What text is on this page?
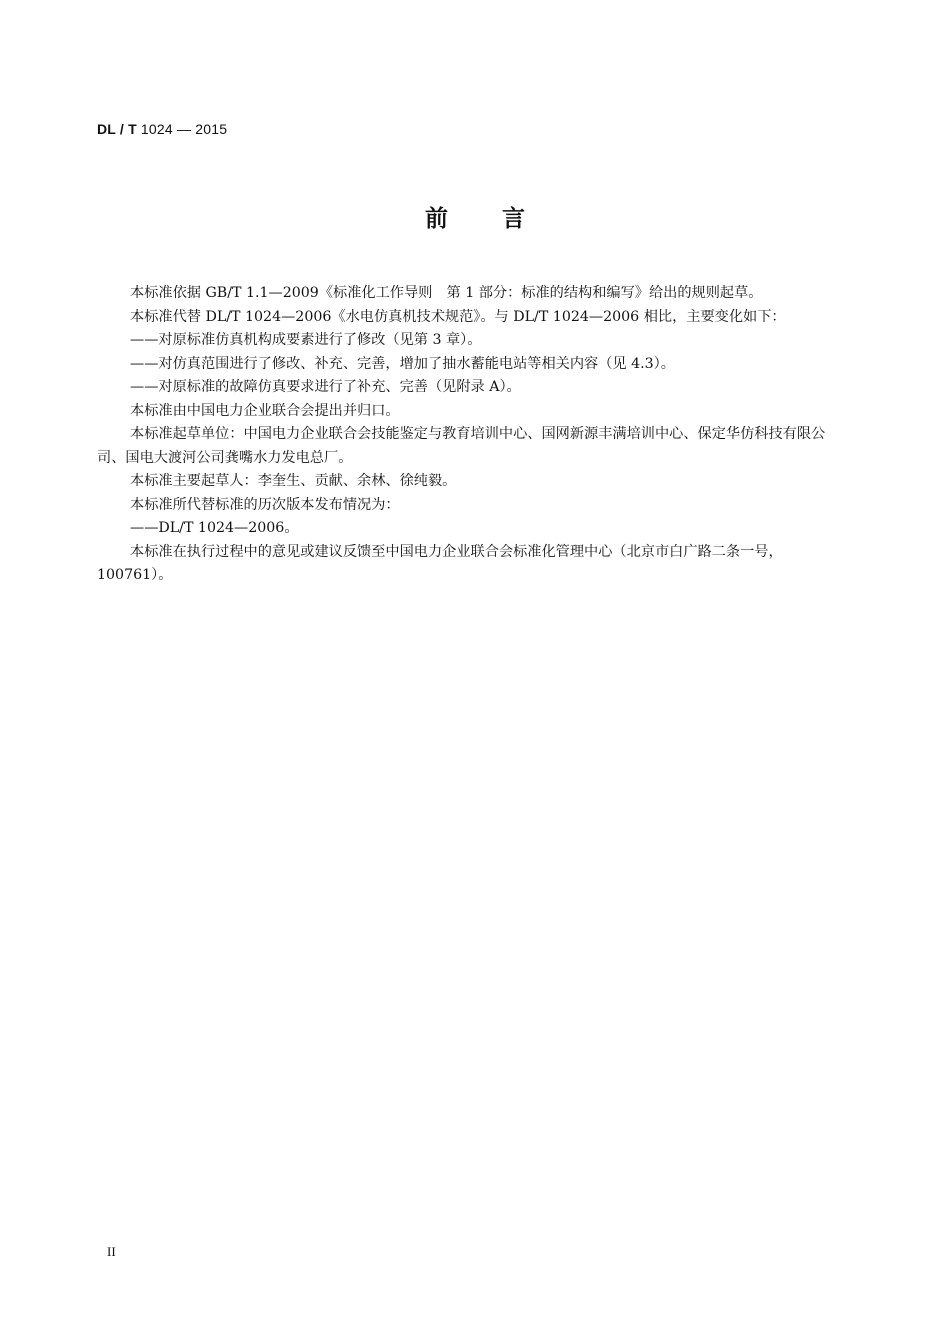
DL / T 1024 — 2015
前言

本标准依据 GB/T 1.1—2009《标准化工作导则　第 1 部分：标准的结构和编写》给出的规则起草。

本标准代替 DL/T 1024—2006《水电仿真机技术规范》。与 DL/T 1024—2006 相比，主要变化如下：

——对原标准仿真机构成要素进行了修改（见第 3 章）。

——对仿真范围进行了修改、补充、完善，增加了抽水蓄能电站等相关内容（见 4.3）。

——对原标准的故障仿真要求进行了补充、完善（见附录 A）。

本标准由中国电力企业联合会提出并归口。

本标准起草单位：中国电力企业联合会技能鉴定与教育培训中心、国网新源丰满培训中心、保定华仿科技有限公司、国电大渡河公司龚嘴水力发电总厂。

本标准主要起草人：李奎生、贡献、余林、徐纯毅。

本标准所代替标准的历次版本发布情况为：

——DL/T 1024—2006。

本标准在执行过程中的意见或建议反馈至中国电力企业联合会标准化管理中心（北京市白广路二条一号，100761）。

II
